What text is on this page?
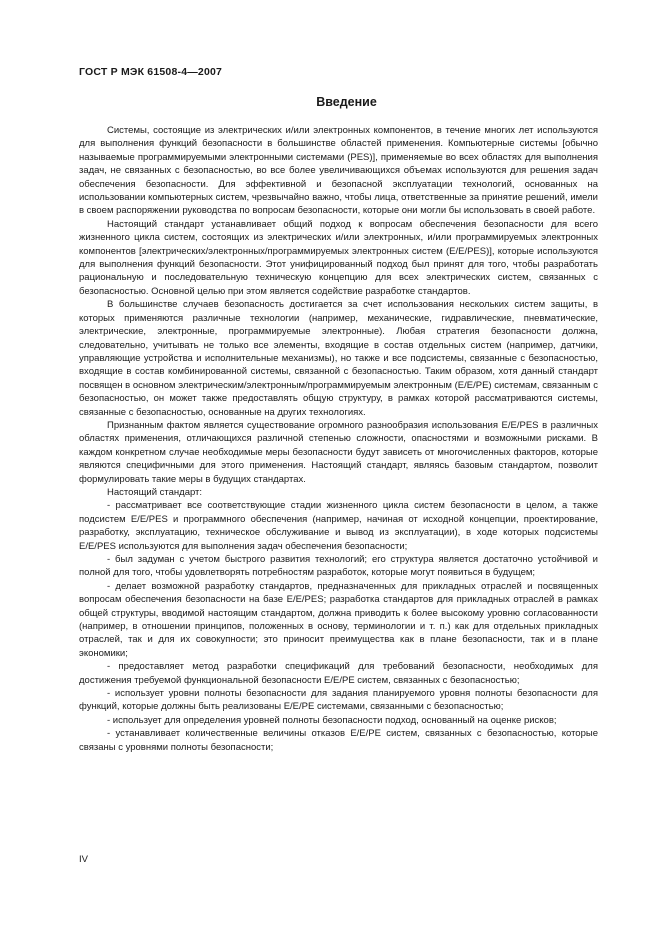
ГОСТ Р МЭК 61508-4—2007
Введение

Системы, состоящие из электрических и/или электронных компонентов, в течение многих лет используются для выполнения функций безопасности в большинстве областей применения. Компьютерные системы [обычно называемые программируемыми электронными системами (PES)], применяемые во всех областях для выполнения задач, не связанных с безопасностью, во все более увеличивающихся объемах используются для решения задач обеспечения безопасности. Для эффективной и безопасной эксплуатации технологий, основанных на использовании компьютерных систем, чрезвычайно важно, чтобы лица, ответственные за принятие решений, имели в своем распоряжении руководства по вопросам безопасности, которые они могли бы использовать в своей работе.

Настоящий стандарт устанавливает общий подход к вопросам обеспечения безопасности для всего жизненного цикла систем, состоящих из электрических и/или электронных, и/или программируемых электронных компонентов [электрических/электронных/программируемых электронных систем (E/E/PES)], которые используются для выполнения функций безопасности. Этот унифицированный подход был принят для того, чтобы разработать рациональную и последовательную техническую концепцию для всех электрических систем, связанных с безопасностью. Основной целью при этом является содействие разработке стандартов.

В большинстве случаев безопасность достигается за счет использования нескольких систем защиты, в которых применяются различные технологии (например, механические, гидравлические, пневматические, электрические, электронные, программируемые электронные). Любая стратегия безопасности должна, следовательно, учитывать не только все элементы, входящие в состав отдельных систем (например, датчики, управляющие устройства и исполнительные механизмы), но также и все подсистемы, связанные с безопасностью, входящие в состав комбинированной системы, связанной с безопасностью. Таким образом, хотя данный стандарт посвящен в основном электрическим/электронным/программируемым электронным (E/E/PE) системам, связанным с безопасностью, он может также предоставлять общую структуру, в рамках которой рассматриваются системы, связанные с безопасностью, основанные на других технологиях.

Признанным фактом является существование огромного разнообразия использования E/E/PES в различных областях применения, отличающихся различной степенью сложности, опасностями и возможными рисками. В каждом конкретном случае необходимые меры безопасности будут зависеть от многочисленных факторов, которые являются специфичными для этого применения. Настоящий стандарт, являясь базовым стандартом, позволит формулировать такие меры в будущих стандартах.

Настоящий стандарт:

- рассматривает все соответствующие стадии жизненного цикла систем безопасности в целом, а также подсистем E/E/PES и программного обеспечения (например, начиная от исходной концепции, проектирование, разработку, эксплуатацию, техническое обслуживание и вывод из эксплуатации), в ходе которых подсистемы E/E/PES используются для выполнения задач обеспечения безопасности;

- был задуман с учетом быстрого развития технологий; его структура является достаточно устойчивой и полной для того, чтобы удовлетворять потребностям разработок, которые могут появиться в будущем;

- делает возможной разработку стандартов, предназначенных для прикладных отраслей и посвященных вопросам обеспечения безопасности на базе E/E/PES; разработка стандартов для прикладных отраслей в рамках общей структуры, вводимой настоящим стандартом, должна приводить к более высокому уровню согласованности (например, в отношении принципов, положенных в основу, терминологии и т. п.) как для отдельных прикладных отраслей, так и для их совокупности; это приносит преимущества как в плане безопасности, так и в плане экономики;

- предоставляет метод разработки спецификаций для требований безопасности, необходимых для достижения требуемой функциональной безопасности E/E/PE систем, связанных с безопасностью;

- использует уровни полноты безопасности для задания планируемого уровня полноты безопасности для функций, которые должны быть реализованы E/E/PE системами, связанными с безопасностью;

- использует для определения уровней полноты безопасности подход, основанный на оценке рисков;

- устанавливает количественные величины отказов E/E/PE систем, связанных с безопасностью, которые связаны с уровнями полноты безопасности;

IV
